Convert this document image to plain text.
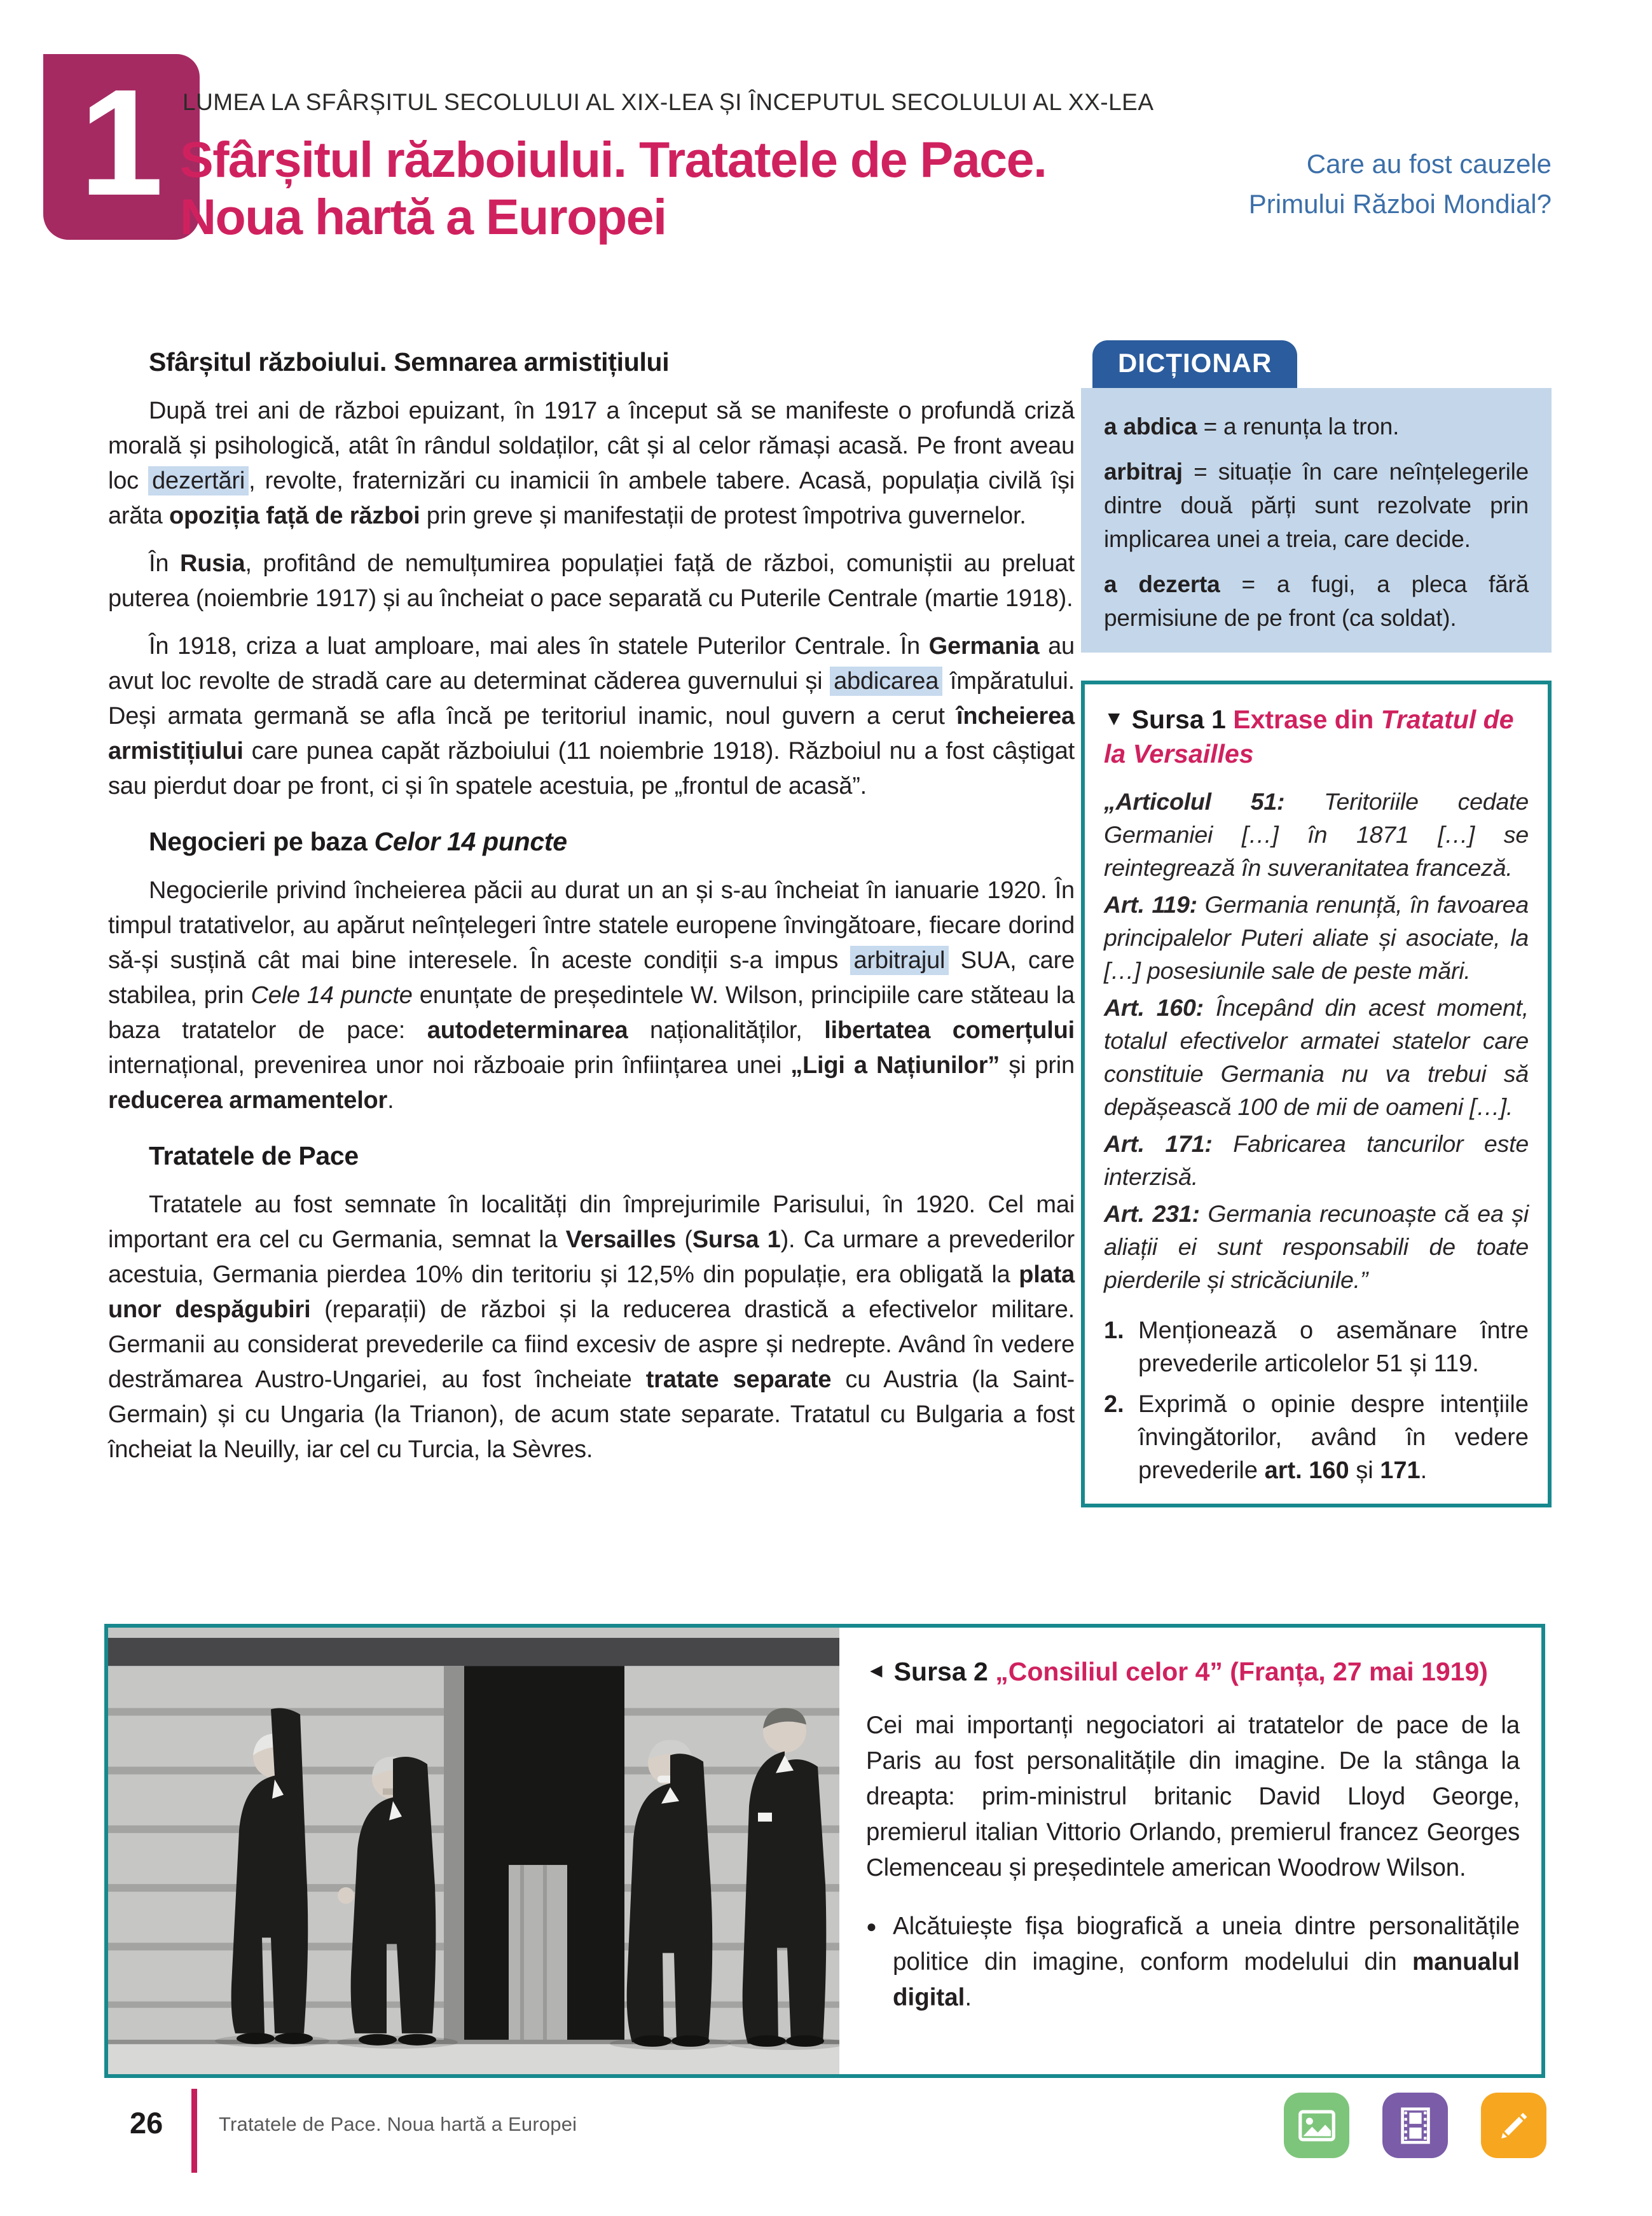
1 LUMEA LA SFÂRȘITUL SECOLULUI AL XIX-LEA ȘI ÎNCEPUTUL SECOLULUI AL XX-LEA
Sfârșitul războiului. Tratatele de Pace.
Noua hartă a Europei
Care au fost cauzele
Primului Război Mondial?
Sfârșitul războiului. Semnarea armistițiului

După trei ani de război epuizant, în 1917 a început să se manifeste o profundă criză morală și psihologică, atât în rândul soldaților, cât și al celor rămași acasă. Pe front aveau loc dezertări , revolte, fraternizări cu inamicii în ambele tabere. Acasă, populația civilă își arăta opoziția față de război prin greve și manifestații de protest împotriva guvernelor.

În Rusia, profitând de nemulțumirea populației față de război, comuniștii au preluat puterea (noiembrie 1917) și au încheiat o pace separată cu Puterile Centrale (martie 1918).

În 1918, criza a luat amploare, mai ales în statele Puterilor Centrale. În Germania au avut loc revolte de stradă care au determinat căderea guvernului și abdicarea împăratului. Deși armata germană se afla încă pe teritoriul inamic, noul guvern a cerut încheierea armistițiului care punea capăt războiului (11 noiembrie 1918). Războiul nu a fost câștigat sau pierdut doar pe front, ci și în spatele acestuia, pe „frontul de acasă”.

Negocieri pe baza Celor 14 puncte

Negocierile privind încheierea păcii au durat un an și s-au încheiat în ianuarie 1920. În timpul tratativelor, au apărut neînțelegeri între statele europene învingătoare, fiecare dorind să-și susțină cât mai bine interesele. În aceste condiții s-a impus arbitrajul SUA, care stabilea, prin Cele 14 puncte enunțate de președintele W. Wilson, principiile care stăteau la baza tratatelor de pace: autodeterminarea naționalităților, libertatea comerțului internațional, prevenirea unor noi războaie prin înființarea unei „Ligi a Națiunilor” și prin reducerea armamentelor.

Tratatele de Pace

Tratatele au fost semnate în localități din împrejurimile Parisului, în 1920. Cel mai important era cel cu Germania, semnat la Versailles (Sursa 1). Ca urmare a prevederilor acestuia, Germania pierdea 10% din teritoriu și 12,5% din populație, era obligată la plata unor despăgubiri (reparații) de război și la reducerea drastică a efectivelor militare. Germanii au considerat prevederile ca fiind excesiv de aspre și nedrepte. Având în vedere destrămarea Austro-Ungariei, au fost încheiate tratate separate cu Austria (la Saint-Germain) și cu Ungaria (la Trianon), de acum state separate. Tratatul cu Bulgaria a fost încheiat la Neuilly, iar cel cu Turcia, la Sèvres.

DICȚIONAR

a abdica = a renunța la tron.

arbitraj = situație în care neînțelegerile dintre două părți sunt rezolvate prin implicarea unei a treia, care decide.

a dezerta = a fugi, a pleca fără permisiune de pe front (ca soldat).

▼ Sursa 1 Extrase din Tratatul de la Versailles

„Articolul 51: Teritoriile cedate Germaniei […] în 1871 […] se reintegrează în suveranitatea franceză.

Art. 119: Germania renunță, în favoarea principalelor Puteri aliate și asociate, la […] posesiunile sale de peste mări.

Art. 160: Începând din acest moment, totalul efectivelor armatei statelor care constituie Germania nu va trebui să depășească 100 de mii de oameni […].

Art. 171: Fabricarea tancurilor este interzisă.

Art. 231: Germania recunoaște că ea și aliații ei sunt responsabili de toate pierderile și stricăciunile.”

1. Menționează o asemănare între prevederile articolelor 51 și 119.
2. Exprimă o opinie despre intențiile învingătorilor, având în vedere prevederile art. 160 și 171.

◄ Sursa 2 „Consiliul celor 4” (Franța, 27 mai 1919)

Cei mai importanți negociatori ai tratatelor de pace de la Paris au fost personalitățile din imagine. De la stânga la dreapta: prim-ministrul britanic David Lloyd George, premierul italian Vittorio Orlando, premierul francez Georges Clemenceau și președintele american Woodrow Wilson.

● Alcătuiește fișa biografică a uneia dintre personalitățile politice din imagine, conform modelului din manualul digital.
26	Tratatele de Pace. Noua hartă a Europei
